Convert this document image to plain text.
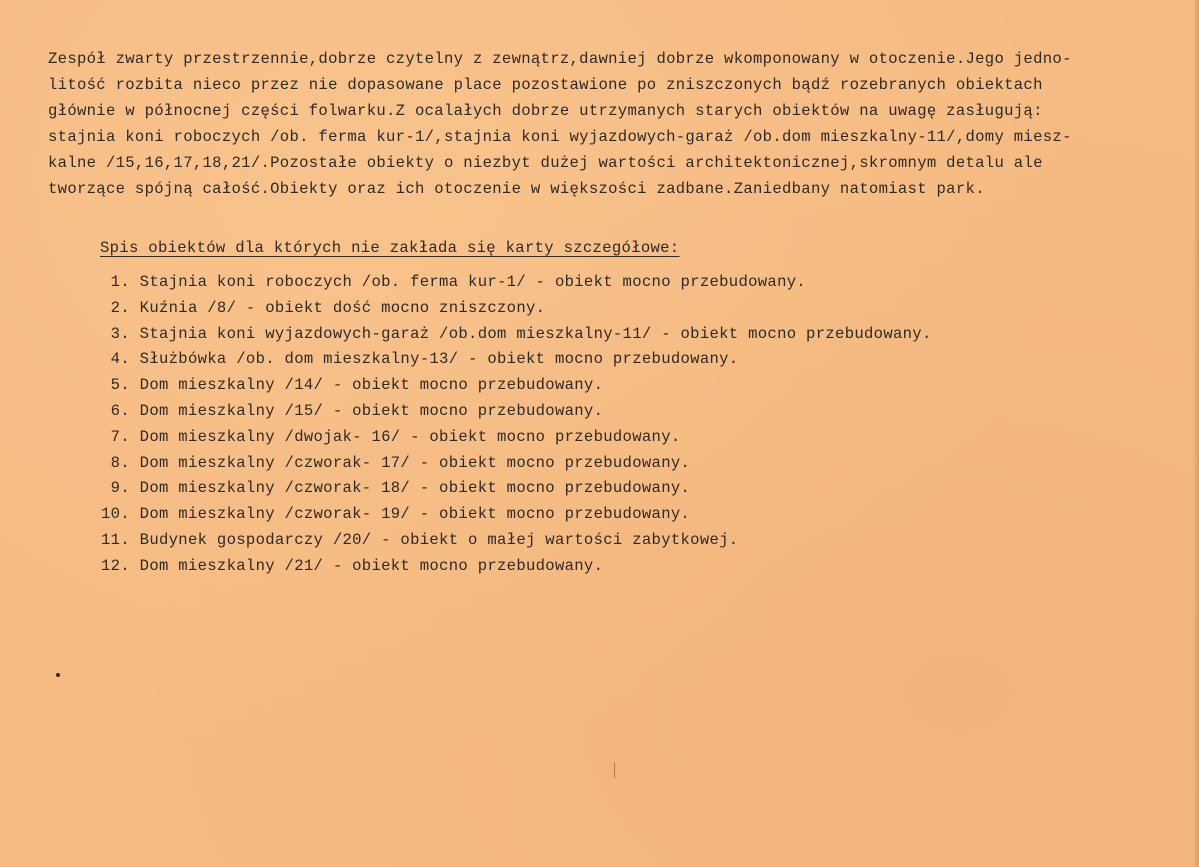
Zespół zwarty przestrzennie,dobrze czytelny z zewnątrz,dawniej dobrze wkomponowany w otoczenie.Jego jedno-
litość rozbita nieco przez nie dopasowane place pozostawione po zniszczonych bądź rozebranych obiektach
głównie w północnej części folwarku.Z ocalałych dobrze utrzymanych starych obiektów na uwagę zasługują:
stajnia koni roboczych /ob. ferma kur-1/,stajnia koni wyjazdowych-garaż /ob.dom mieszkalny-11/,domy miesz-
kalne /15,16,17,18,21/.Pozostałe obiekty o niezbyt dużej wartości architektonicznej,skromnym detalu ale
tworzące spójną całość.Obiekty oraz ich otoczenie w większości zadbane.Zaniedbany natomiast park.
Spis obiektów dla których nie zakłada się karty szczegółowe:
1. Stajnia koni roboczych /ob. ferma kur-1/ - obiekt mocno przebudowany.
2. Kuźnia /8/ - obiekt dość mocno zniszczony.
3. Stajnia koni wyjazdowych-garaż /ob.dom mieszkalny-11/ - obiekt mocno przebudowany.
4. Służbówka /ob. dom mieszkalny-13/ - obiekt mocno przebudowany.
5. Dom mieszkalny /14/ - obiekt mocno przebudowany.
6. Dom mieszkalny /15/ - obiekt mocno przebudowany.
7. Dom mieszkalny /dwojak- 16/ - obiekt mocno przebudowany.
8. Dom mieszkalny /czworak- 17/ - obiekt mocno przebudowany.
9. Dom mieszkalny /czworak- 18/ - obiekt mocno przebudowany.
10. Dom mieszkalny /czworak- 19/ - obiekt mocno przebudowany.
11. Budynek gospodarczy /20/ - obiekt o małej wartości zabytkowej.
12. Dom mieszkalny /21/ - obiekt mocno przebudowany.
